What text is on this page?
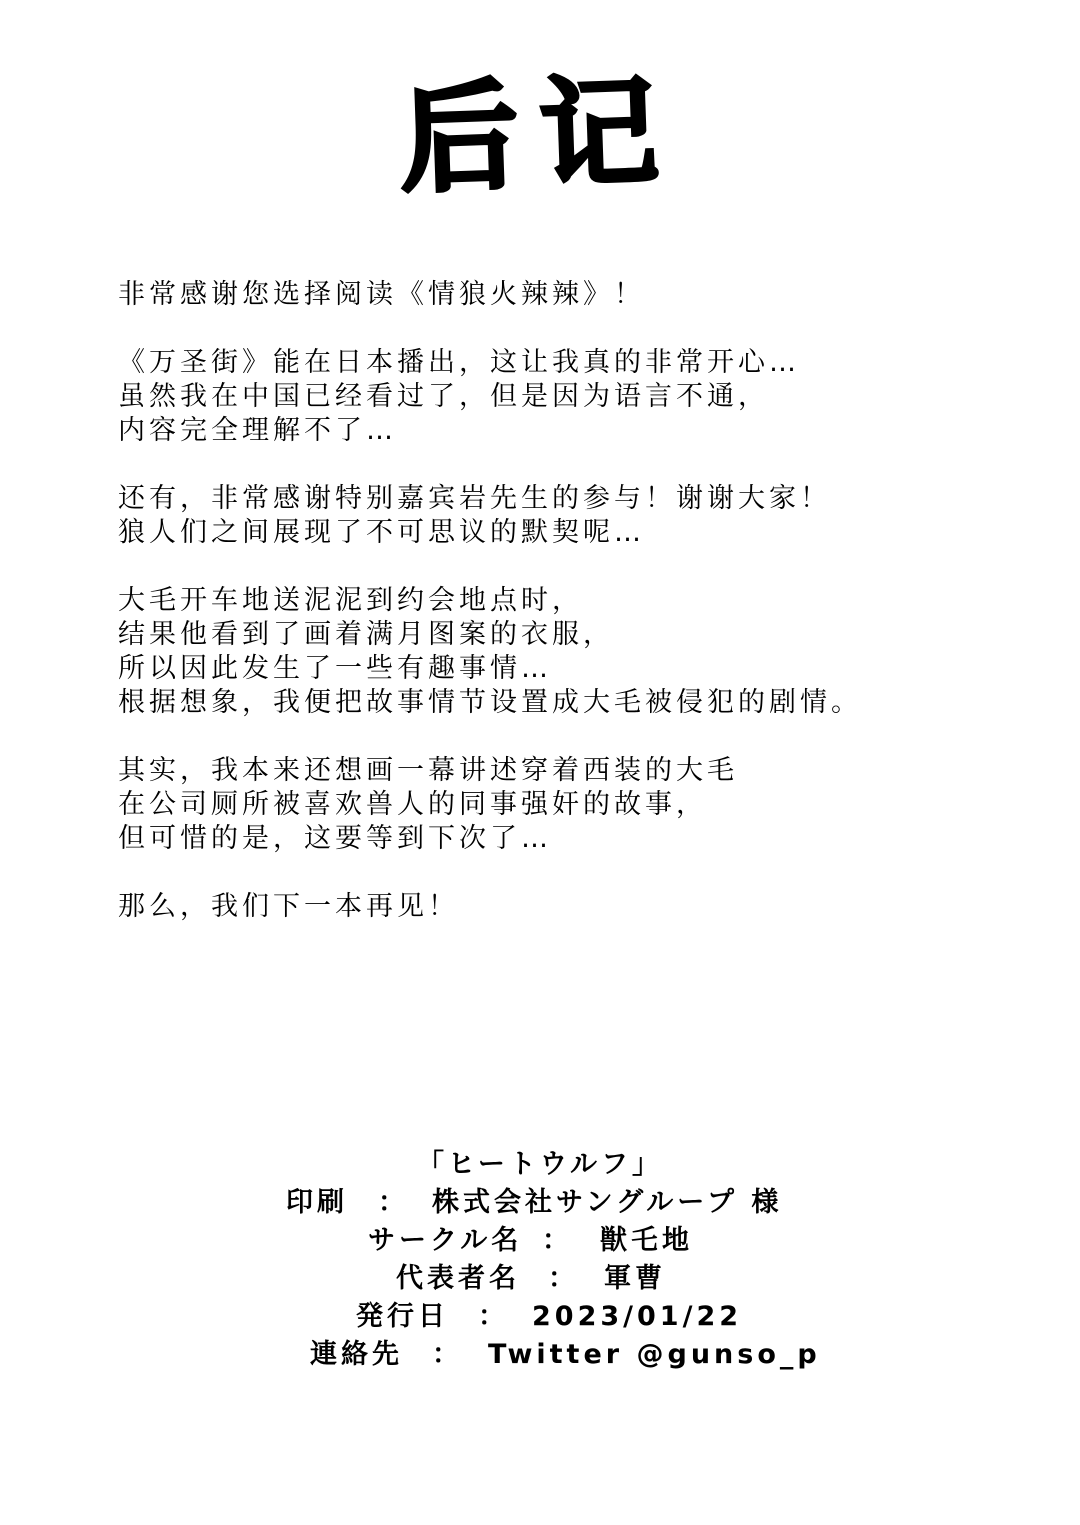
后记
非常感谢您选择阅读《情狼火辣辣》！
《万圣街》能在日本播出，这让我真的非常开心…
虽然我在中国已经看过了，但是因为语言不通，
内容完全理解不了…
还有，非常感谢特别嘉宾岩先生的参与！谢谢大家！
狼人们之间展现了不可思议的默契呢…
大毛开车地送泥泥到约会地点时，
结果他看到了画着满月图案的衣服，
所以因此发生了一些有趣事情…
根据想象，我便把故事情节设置成大毛被侵犯的剧情。
其实，我本来还想画一幕讲述穿着西装的大毛
在公司厕所被喜欢兽人的同事强奸的故事，
但可惜的是，这要等到下次了…
那么，我们下一本再见！
「ヒートウルフ」
印刷 ： 株式会社サングループ 様
サークル名 ： 獣乇地
代表者名 ： 軍曹
発行日 ： 2023/01/22
連絡先 ： Twitter @gunso_p
